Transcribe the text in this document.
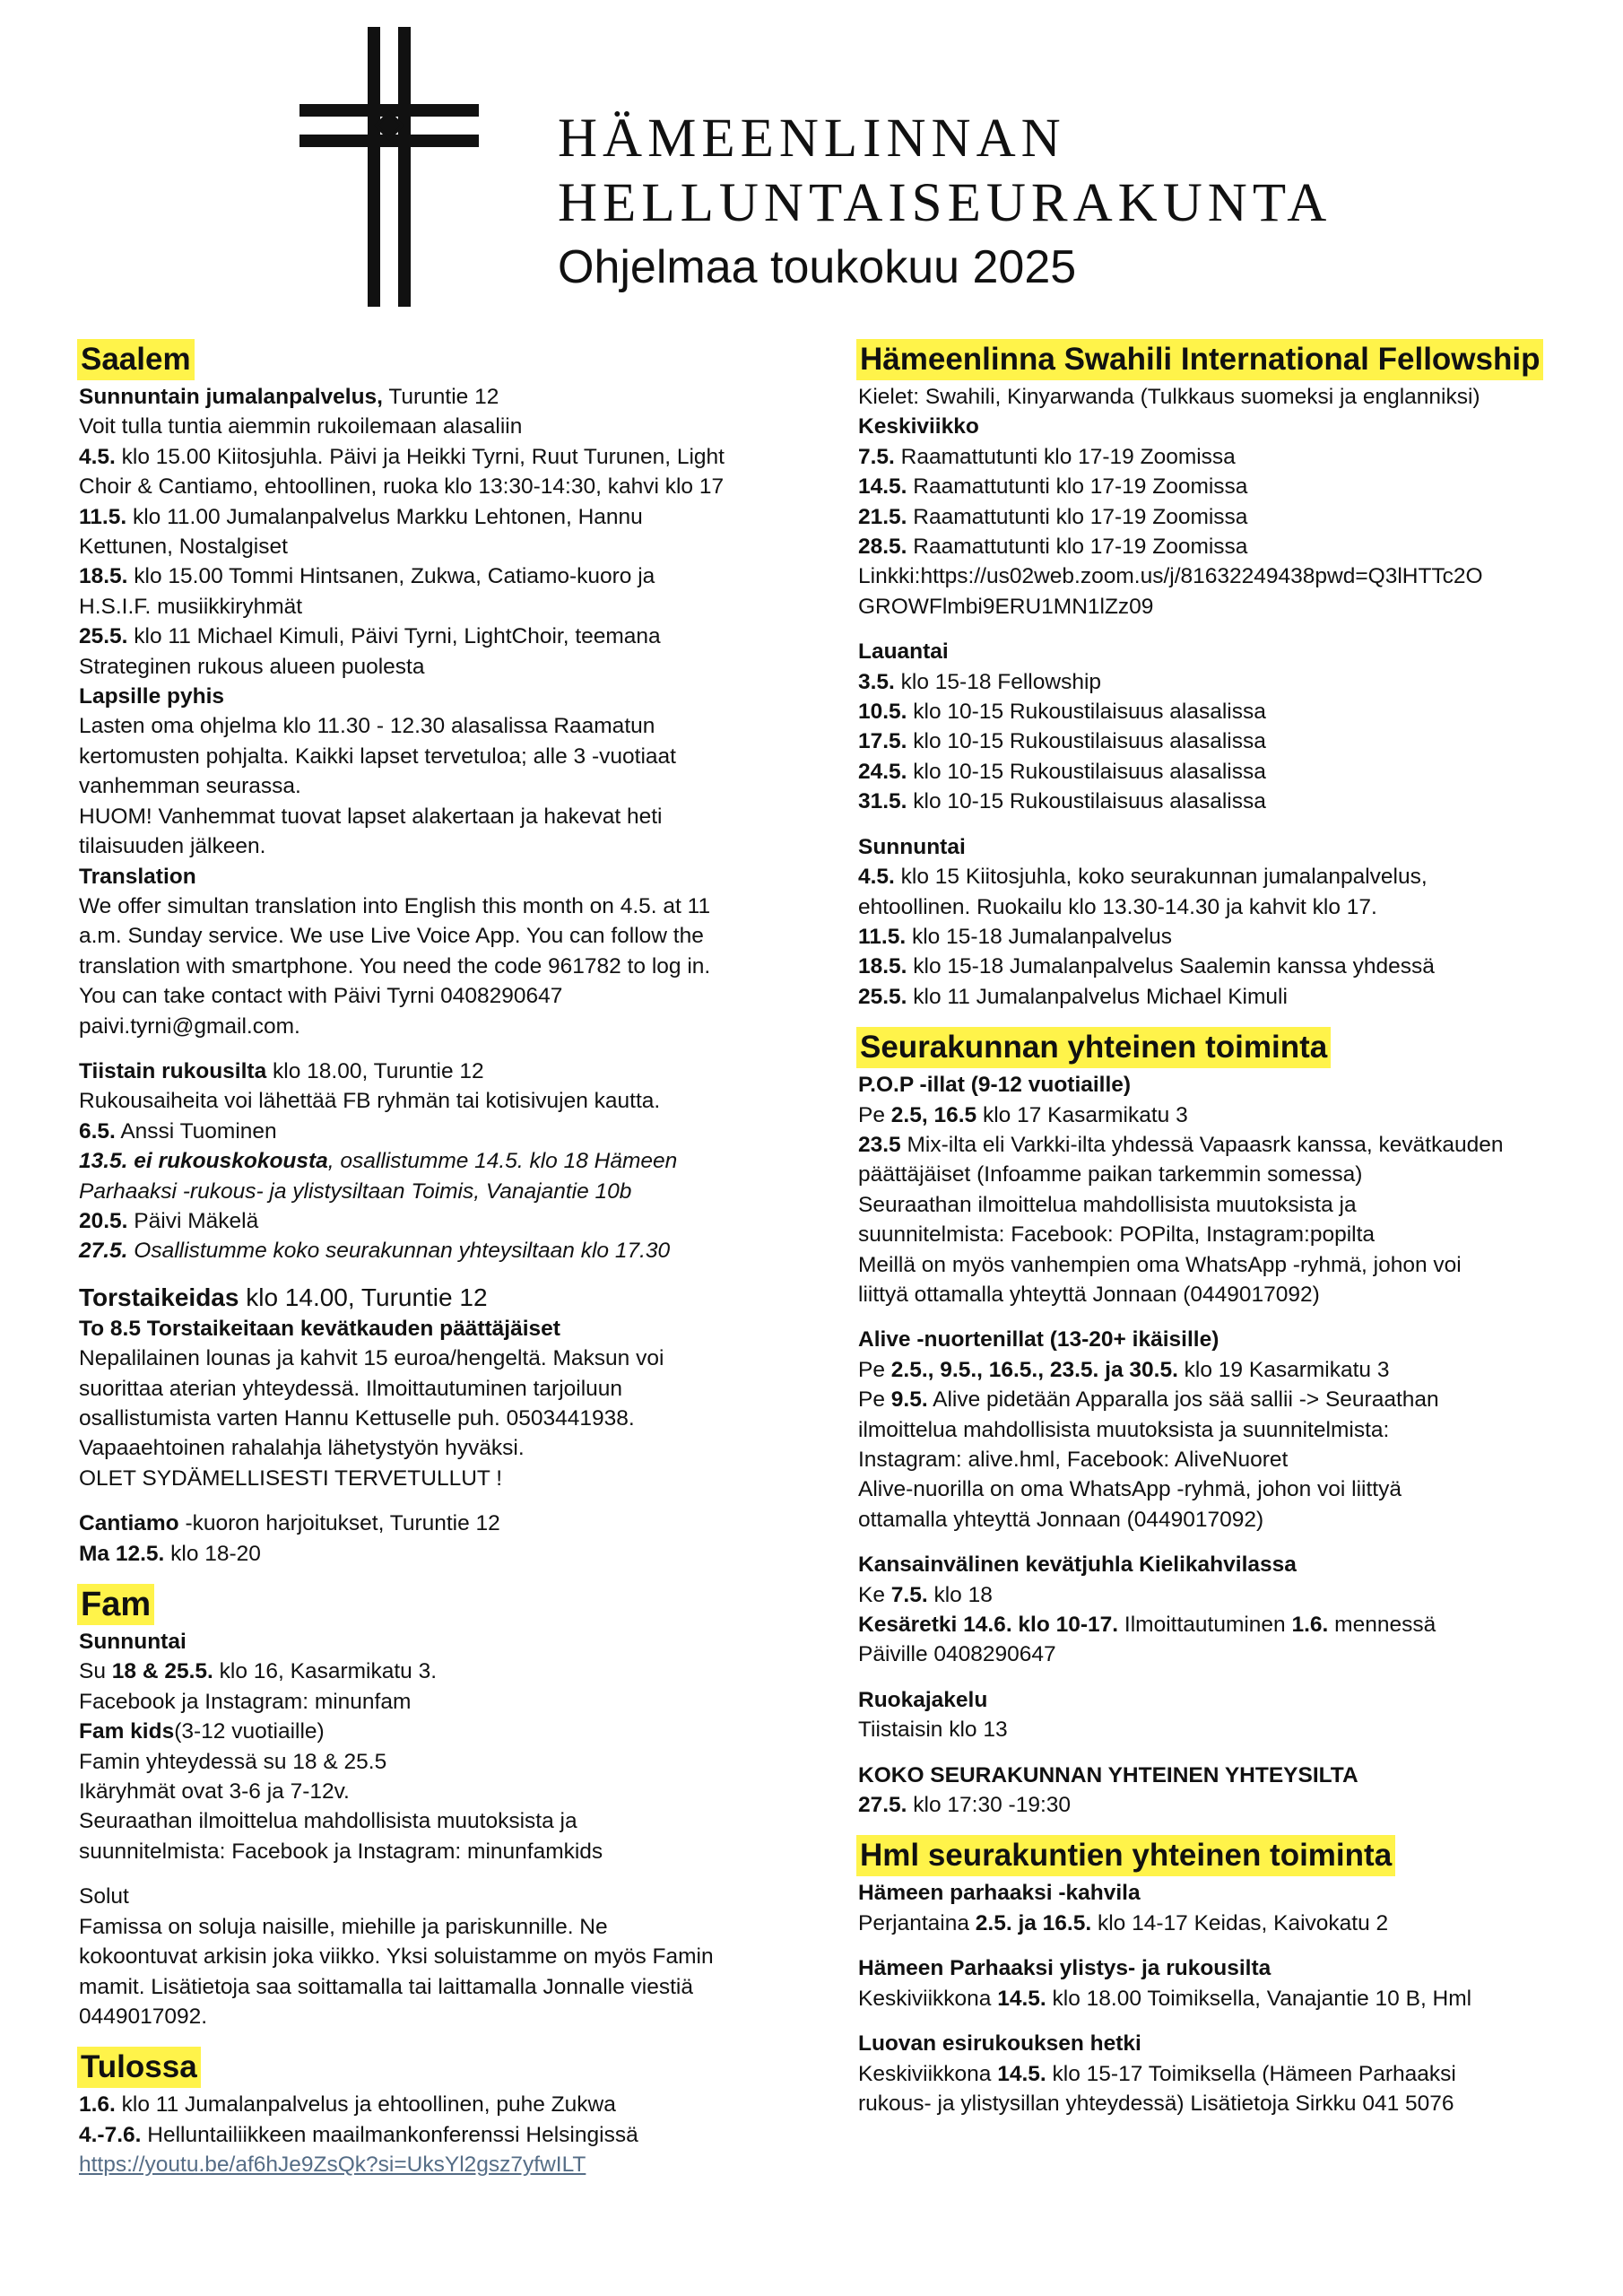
HÄMEENLINNAN
HELLUNTAISEURAKUNTA
Ohjelmaa toukokuu 2025
Saalem
Sunnuntain jumalanpalvelus, Turuntie 12
Voit tulla tuntia aiemmin rukoilemaan alasaliin
4.5. klo 15.00 Kiitosjuhla. Päivi ja Heikki Tyrni, Ruut Turunen, Light
Choir & Cantiamo, ehtoollinen, ruoka klo 13:30-14:30, kahvi klo 17
11.5. klo 11.00 Jumalanpalvelus Markku Lehtonen, Hannu
Kettunen, Nostalgiset
18.5. klo 15.00 Tommi Hintsanen, Zukwa, Catiamo-kuoro ja
H.S.I.F. musiikkiryhmät
25.5. klo 11 Michael Kimuli, Päivi Tyrni, LightChoir, teemana
Strateginen rukous alueen puolesta
Lapsille pyhis
Lasten oma ohjelma klo 11.30 - 12.30 alasalissa Raamatun
kertomusten pohjalta. Kaikki lapset tervetuloa; alle 3 -vuotiaat
vanhemman seurassa.
HUOM! Vanhemmat tuovat lapset alakertaan ja hakevat heti
tilaisuuden jälkeen.
Translation
We offer simultan translation into English this month on 4.5. at 11
a.m. Sunday service. We use Live Voice App. You can follow the
translation with smartphone. You need the code 961782 to log in.
You can take contact with Päivi Tyrni 0408290647
paivi.tyrni@gmail.com.
Tiistain rukousilta klo 18.00, Turuntie 12
Rukousaiheita voi lähettää FB ryhmän tai kotisivujen kautta.
6.5. Anssi Tuominen
13.5. ei rukouskokousta, osallistumme 14.5. klo 18 Hämeen
Parhaaksi -rukous- ja ylistysiltaan Toimis, Vanajantie 10b
20.5. Päivi Mäkelä
27.5. Osallistumme koko seurakunnan yhteysiltaan klo 17.30
Torstaikeidas klo 14.00, Turuntie 12
To 8.5 Torstaikeitaan kevätkauden päättäjäiset
Nepalilainen lounas ja kahvit 15 euroa/hengeltä. Maksun voi
suorittaa aterian yhteydessä. Ilmoittautuminen tarjoiluun
osallistumista varten Hannu Kettuselle puh. 0503441938.
Vapaaehtoinen rahalahja lähetystyön hyväksi.
OLET SYDÄMELLISESTI TERVETULLUT !
Cantiamo -kuoron harjoitukset, Turuntie 12
Ma 12.5. klo 18-20
Fam
Sunnuntai
Su 18 & 25.5. klo 16, Kasarmikatu 3.
Facebook ja Instagram: minunfam
Fam kids(3-12 vuotiaille)
Famin yhteydessä su 18 & 25.5
Ikäryhmät ovat 3-6 ja 7-12v.
Seuraathan ilmoittelua mahdollisista muutoksista ja
suunnitelmista: Facebook ja Instagram: minunfamkids
Solut
Famissa on soluja naisille, miehille ja pariskunnille. Ne
kokoontuvat arkisin joka viikko. Yksi soluistamme on myös Famin
mamit. Lisätietoja saa soittamalla tai laittamalla Jonnalle viestiä
0449017092.
Tulossa
1.6. klo 11 Jumalanpalvelus ja ehtoollinen, puhe Zukwa
4.-7.6. Helluntailiikkeen maailmankonferenssi Helsingissä
https://youtu.be/af6hJe9ZsQk?si=UksYl2gsz7yfwILT
Hämeenlinna Swahili International Fellowship
Kielet: Swahili, Kinyarwanda (Tulkkaus suomeksi ja englanniksi)
Keskiviikko
7.5. Raamattutunti klo 17-19 Zoomissa
14.5. Raamattutunti klo 17-19 Zoomissa
21.5. Raamattutunti klo 17-19 Zoomissa
28.5. Raamattutunti klo 17-19 Zoomissa
Linkki:https://us02web.zoom.us/j/81632249438pwd=Q3lHTTc2O
GROWFlmbi9ERU1MN1lZz09
Lauantai
3.5. klo 15-18 Fellowship
10.5. klo 10-15 Rukoustilaisuus alasalissa
17.5. klo 10-15 Rukoustilaisuus alasalissa
24.5. klo 10-15 Rukoustilaisuus alasalissa
31.5. klo 10-15 Rukoustilaisuus alasalissa
Sunnuntai
4.5. klo 15 Kiitosjuhla, koko seurakunnan jumalanpalvelus,
ehtoollinen. Ruokailu klo 13.30-14.30 ja kahvit klo 17.
11.5. klo 15-18 Jumalanpalvelus
18.5. klo 15-18 Jumalanpalvelus Saalemin kanssa yhdessä
25.5. klo 11 Jumalanpalvelus Michael Kimuli
Seurakunnan yhteinen toiminta
P.O.P -illat (9-12 vuotiaille)
Pe 2.5, 16.5 klo 17 Kasarmikatu 3
23.5 Mix-ilta eli Varkki-ilta yhdessä Vapaasrk kanssa, kevätkauden
päättäjäiset (Infoamme paikan tarkemmin somessa)
Seuraathan ilmoittelua mahdollisista muutoksista ja
suunnitelmista: Facebook: POPilta, Instagram:popilta
Meillä on myös vanhempien oma WhatsApp -ryhmä, johon voi
liittyä ottamalla yhteyttä Jonnaan (0449017092)
Alive -nuortenillat (13-20+ ikäisille)
Pe 2.5., 9.5., 16.5., 23.5. ja 30.5. klo 19 Kasarmikatu 3
Pe 9.5. Alive pidetään Apparalla jos sää sallii -> Seuraathan
ilmoittelua mahdollisista muutoksista ja suunnitelmista:
Instagram: alive.hml, Facebook: AliveNuoret
Alive-nuorilla on oma WhatsApp -ryhmä, johon voi liittyä
ottamalla yhteyttä Jonnaan (0449017092)
Kansainvälinen kevätjuhla Kielikahvilassa
Ke 7.5. klo 18
Kesäretki 14.6. klo 10-17. Ilmoittautuminen 1.6. mennessä
Päiville 0408290647
Ruokajakelu
Tiistaisin klo 13
KOKO SEURAKUNNAN YHTEINEN YHTEYSILTA
27.5. klo 17:30 -19:30
Hml seurakuntien yhteinen toiminta
Hämeen parhaaksi -kahvila
Perjantaina 2.5. ja 16.5. klo 14-17 Keidas, Kaivokatu 2
Hämeen Parhaaksi ylistys- ja rukousilta
Keskiviikkona 14.5. klo 18.00 Toimiksella, Vanajantie 10 B, Hml
Luovan esirukouksen hetki
Keskiviikkona 14.5. klo 15-17 Toimiksella (Hämeen Parhaaksi
rukous- ja ylistysillan yhteydessä) Lisätietoja Sirkku 041 5076
